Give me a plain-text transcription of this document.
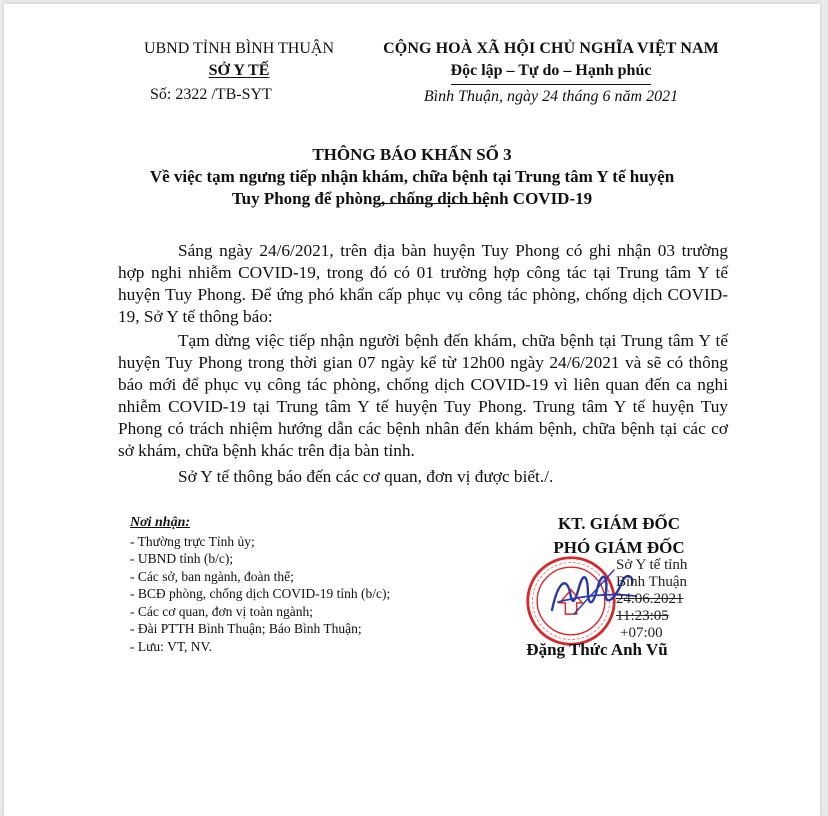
UBND TỈNH BÌNH THUẬN
SỞ Y TẾ
Số: 2322 /TB-SYT
CỘNG HOÀ XÃ HỘI CHỦ NGHĨA VIỆT NAM
Độc lập – Tự do – Hạnh phúc
Bình Thuận, ngày 24 tháng 6 năm 2021
THÔNG BÁO KHẨN SỐ 3
Về việc tạm ngưng tiếp nhận khám, chữa bệnh tại Trung tâm Y tế huyện
Tuy Phong để phòng, chống dịch bệnh COVID-19

Sáng ngày 24/6/2021, trên địa bàn huyện Tuy Phong có ghi nhận 03 trường hợp nghi nhiễm COVID-19, trong đó có 01 trường hợp công tác tại Trung tâm Y tế huyện Tuy Phong. Để ứng phó khẩn cấp phục vụ công tác phòng, chống dịch COVID-19, Sở Y tế thông báo:

Tạm dừng việc tiếp nhận người bệnh đến khám, chữa bệnh tại Trung tâm Y tế huyện Tuy Phong trong thời gian 07 ngày kể từ 12h00 ngày 24/6/2021 và sẽ có thông báo mới để phục vụ công tác phòng, chống dịch COVID-19 vì liên quan đến ca nghi nhiễm COVID-19 tại Trung tâm Y tế huyện Tuy Phong. Trung tâm Y tế huyện Tuy Phong có trách nhiệm hướng dẫn các bệnh nhân đến khám bệnh, chữa bệnh tại các cơ sở khám, chữa bệnh khác trên địa bàn tỉnh.

Sở Y tế thông báo đến các cơ quan, đơn vị được biết./.

Nơi nhận:
- Thường trực Tỉnh ủy;
- UBND tỉnh (b/c);
- Các sở, ban ngành, đoàn thể;
- BCĐ phòng, chống dịch COVID-19 tỉnh (b/c);
- Các cơ quan, đơn vị toàn ngành;
- Đài PTTH Bình Thuận; Báo Bình Thuận;
- Lưu: VT, NV.
KT. GIÁM ĐỐC
PHÓ GIÁM ĐỐC
Sở Y tế tỉnh
Bình Thuận
24.06.2021
11:23:05
+07:00
Đặng Thức Anh Vũ
